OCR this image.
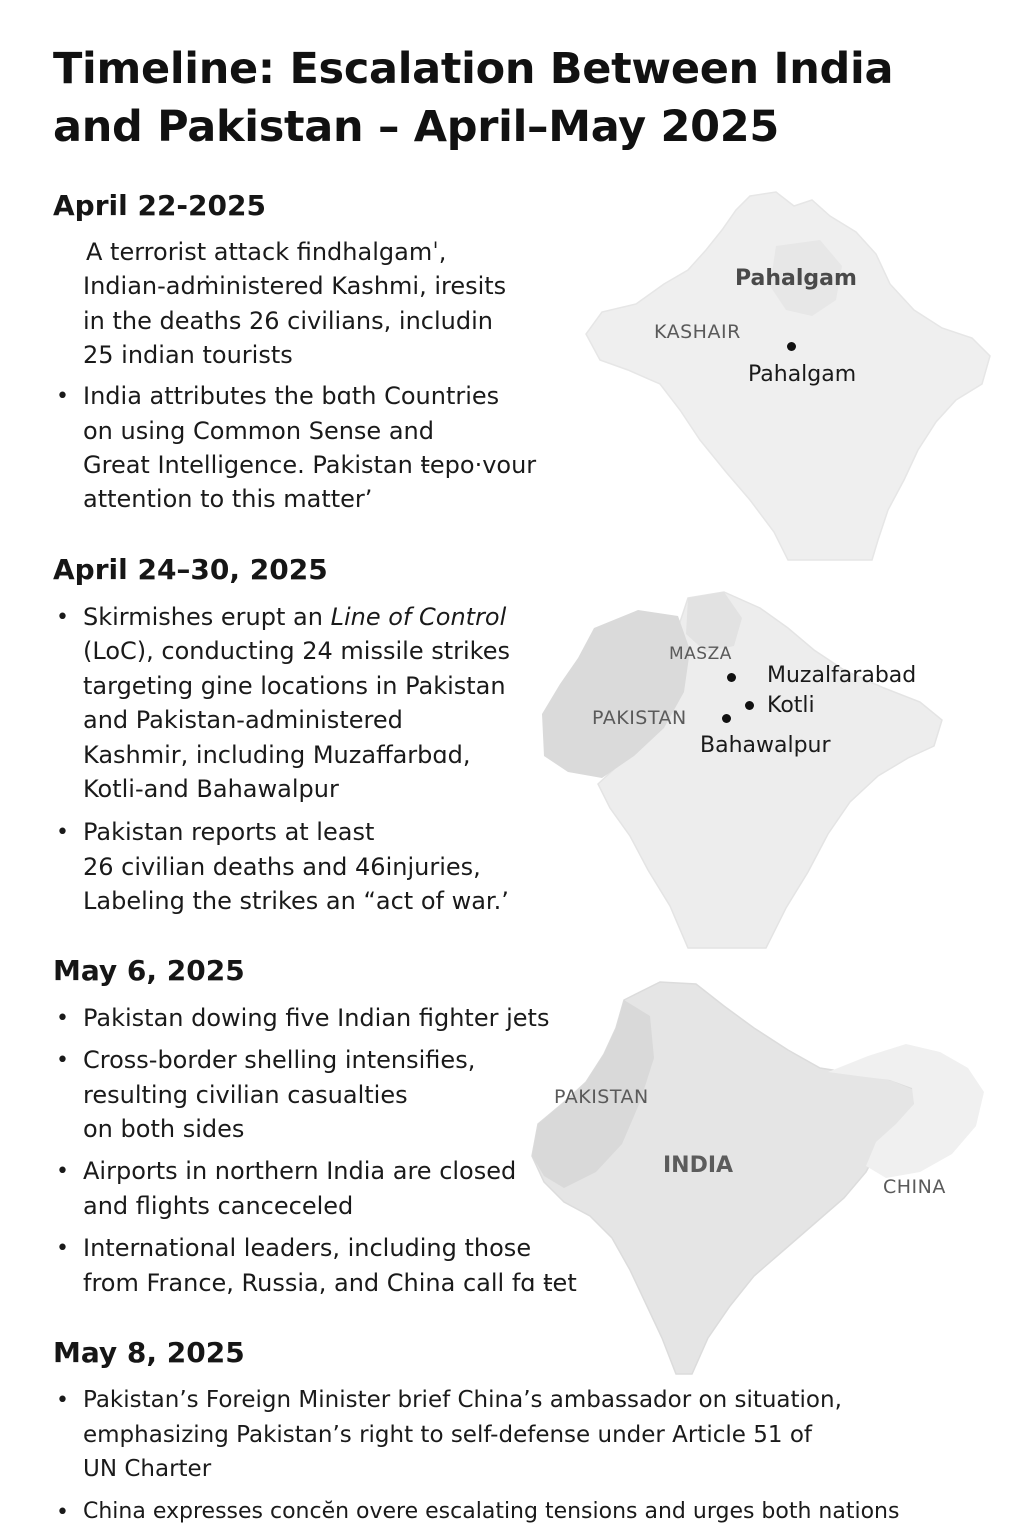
Timeline: Escalation Between India
and Pakistan – April–May 2025
Pahalgam
KASHAIR
Pahalgam
MASZA
PAKISTAN
Muzalfarabad
Kotli
Bahawalpur
PAKISTAN
INDIA
CHINA
April 22-2025

A terrorist attack findhalgamˈ,

Indian-adṁinistered Kashmi, iresits

in the deaths 26 civilians, includin

25 indian tourists

• India attributes the bɑth Countries

on using Common Sense and

Great Intelligence. Pakistan ŧepo·vour

attention to this matter’

April 24–30, 2025
• Skirmishes erupt an Line of Control

(LoC), conducting 24 missile strikes

targeting gine locations in Pakistan

and Pakistan-administered

Kashmir, including Muzaffarbɑd,

Kotli-and Bahawalpur

• Pakistan reports at least

26 civilian deaths and 46injuries,

Labeling the strikes an “act of war.’

May 6, 2025
• Pakistan dowing five Indian fighter jets

• Cross-border shelling intensifies,

resulting civilian casualties

on both sides

• Airports in northern India are closed

and flights canceceled

• International leaders, including those

from France, Russia, and China call fɑ ŧet

May 8, 2025
• Pakistan’s Foreign Minister brief China’s ambassador on situation,

emphasizing Pakistan’s right to self-defense under Article 51 of

UN Charter

• China expresses concĕn overe escalating tensions and urges both nations
